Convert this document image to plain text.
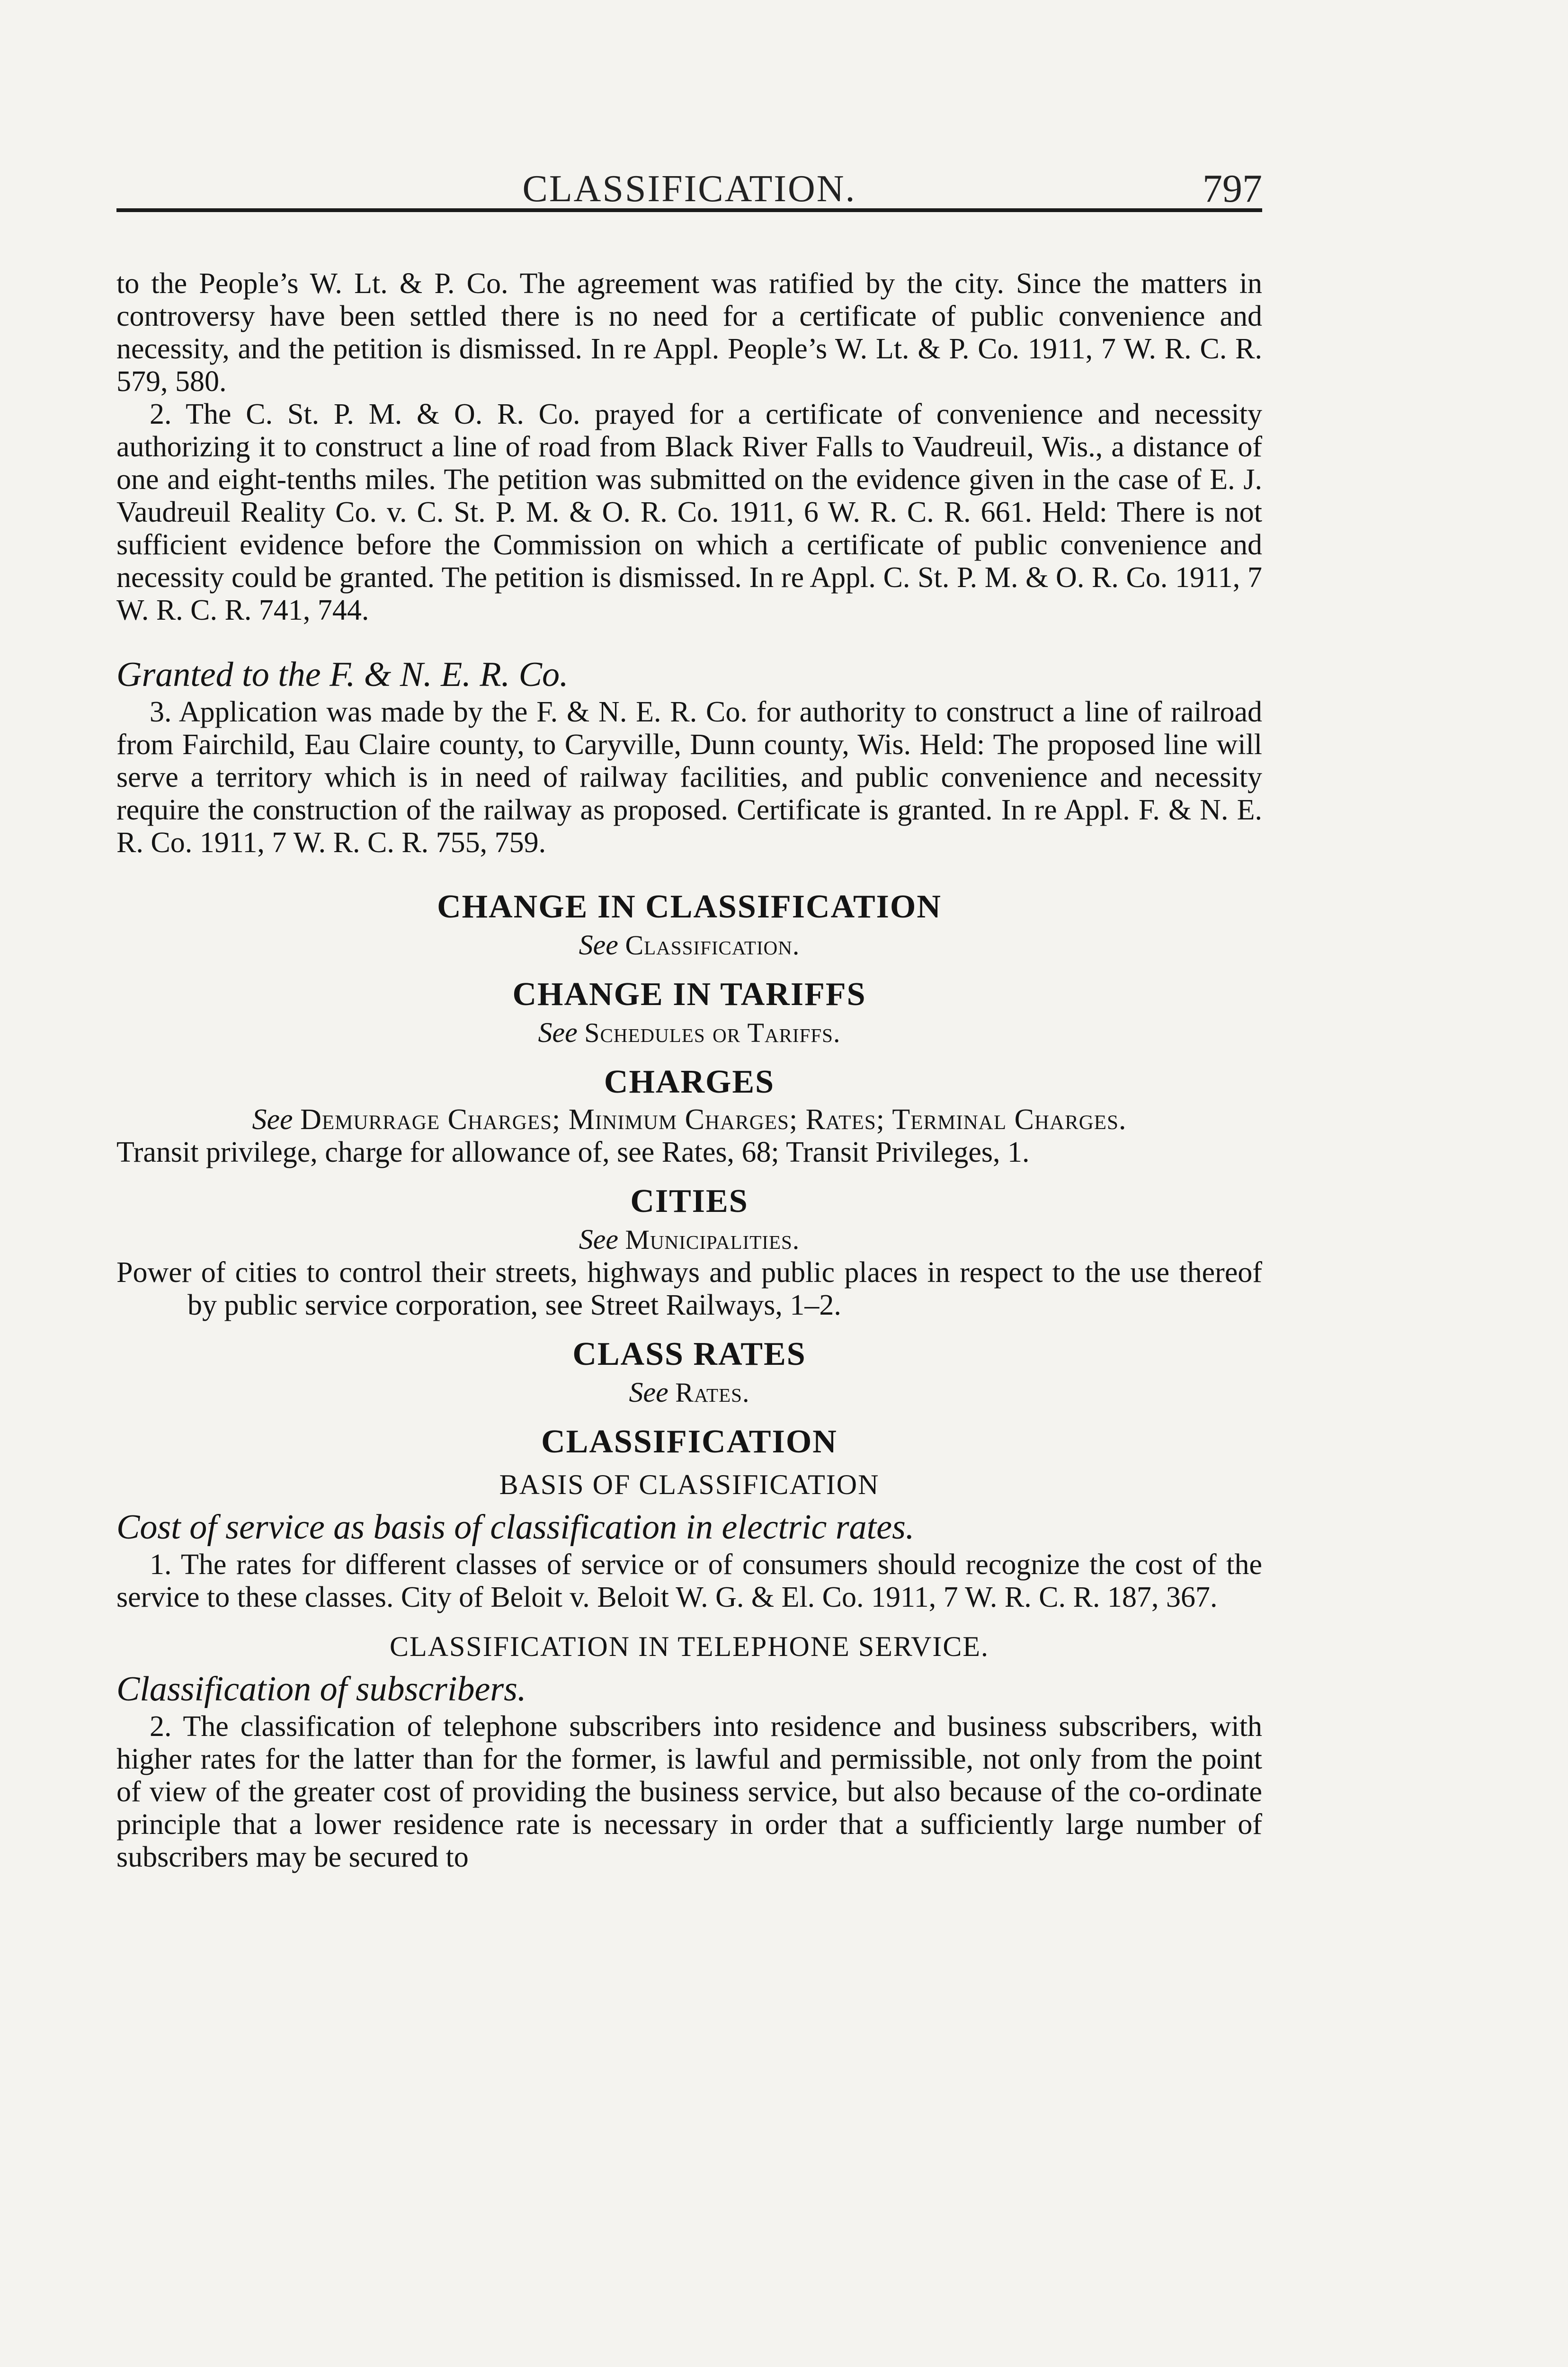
CLASSIFICATION.	797

to the People’s W. Lt. & P. Co. The agreement was ratified by the city. Since the matters in controversy have been settled there is no need for a certificate of public convenience and necessity, and the petition is dismissed. In re Appl. People’s W. Lt. & P. Co. 1911, 7 W. R. C. R. 579, 580.

2. The C. St. P. M. & O. R. Co. prayed for a certificate of convenience and necessity authorizing it to construct a line of road from Black River Falls to Vaudreuil, Wis., a distance of one and eight-tenths miles. The petition was submitted on the evidence given in the case of E. J. Vaudreuil Reality Co. v. C. St. P. M. & O. R. Co. 1911, 6 W. R. C. R. 661. Held: There is not sufficient evidence before the Commission on which a certificate of public convenience and necessity could be granted. The petition is dismissed. In re Appl. C. St. P. M. & O. R. Co. 1911, 7 W. R. C. R. 741, 744.

Granted to the F. & N. E. R. Co.

3. Application was made by the F. & N. E. R. Co. for authority to construct a line of railroad from Fairchild, Eau Claire county, to Caryville, Dunn county, Wis. Held: The proposed line will serve a territory which is in need of railway facilities, and public convenience and necessity require the construction of the railway as proposed. Certificate is granted. In re Appl. F. & N. E. R. Co. 1911, 7 W. R. C. R. 755, 759.

CHANGE IN CLASSIFICATION

See Classification.

CHANGE IN TARIFFS

See Schedules or Tariffs.

CHARGES

See Demurrage Charges; Minimum Charges; Rates; Terminal Charges.

Transit privilege, charge for allowance of, see Rates, 68; Transit Privileges, 1.

CITIES

See Municipalities.

Power of cities to control their streets, highways and public places in respect to the use thereof by public service corporation, see Street Railways, 1–2.

CLASS RATES

See Rates.

CLASSIFICATION

BASIS OF CLASSIFICATION

Cost of service as basis of classification in electric rates.

1. The rates for different classes of service or of consumers should recognize the cost of the service to these classes. City of Beloit v. Beloit W. G. & El. Co. 1911, 7 W. R. C. R. 187, 367.

CLASSIFICATION IN TELEPHONE SERVICE.

Classification of subscribers.

2. The classification of telephone subscribers into residence and business subscribers, with higher rates for the latter than for the former, is lawful and permissible, not only from the point of view of the greater cost of providing the business service, but also because of the co-ordinate principle that a lower residence rate is necessary in order that a sufficiently large number of subscribers may be secured to
